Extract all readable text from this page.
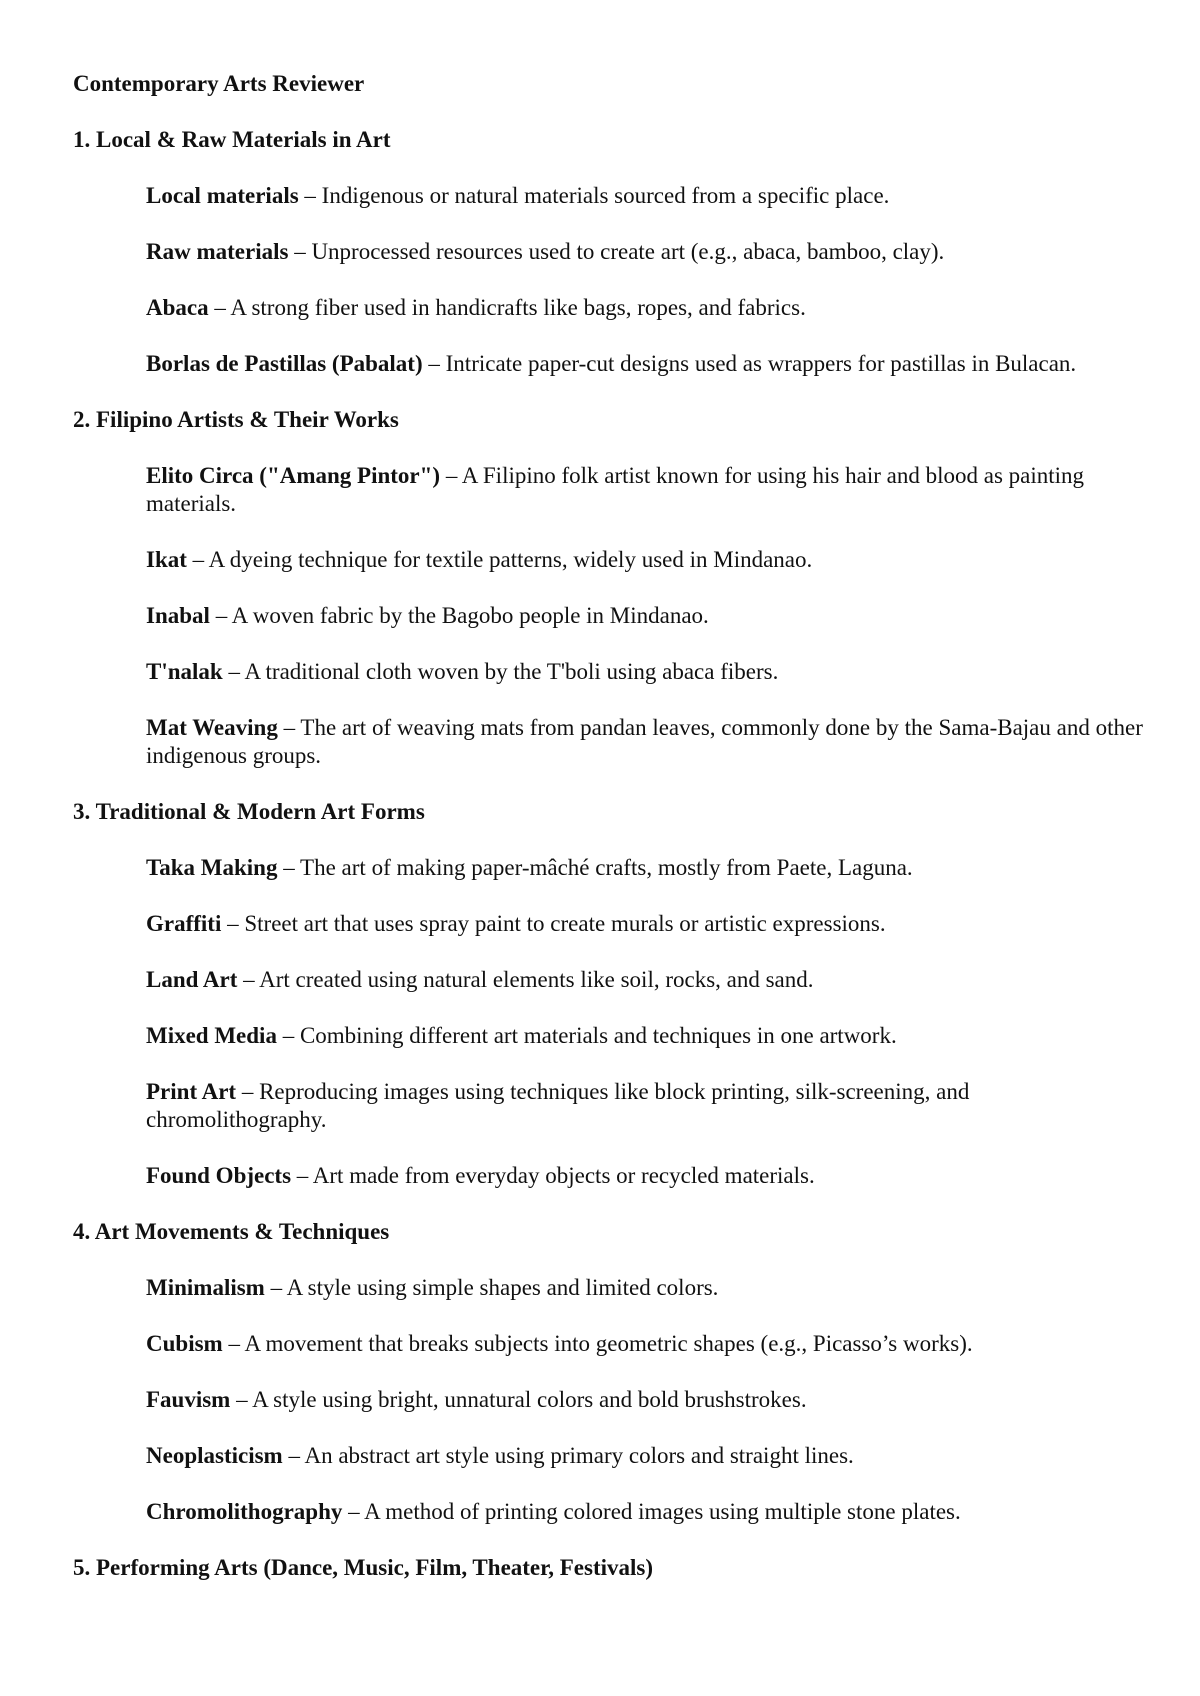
Contemporary Arts Reviewer
1. Local & Raw Materials in Art
Local materials – Indigenous or natural materials sourced from a specific place.
Raw materials – Unprocessed resources used to create art (e.g., abaca, bamboo, clay).
Abaca – A strong fiber used in handicrafts like bags, ropes, and fabrics.
Borlas de Pastillas (Pabalat) – Intricate paper-cut designs used as wrappers for pastillas in Bulacan.
2. Filipino Artists & Their Works
Elito Circa ("Amang Pintor") – A Filipino folk artist known for using his hair and blood as painting materials.
Ikat – A dyeing technique for textile patterns, widely used in Mindanao.
Inabal – A woven fabric by the Bagobo people in Mindanao.
T'nalak – A traditional cloth woven by the T'boli using abaca fibers.
Mat Weaving – The art of weaving mats from pandan leaves, commonly done by the Sama-Bajau and other indigenous groups.
3. Traditional & Modern Art Forms
Taka Making – The art of making paper-mâché crafts, mostly from Paete, Laguna.
Graffiti – Street art that uses spray paint to create murals or artistic expressions.
Land Art – Art created using natural elements like soil, rocks, and sand.
Mixed Media – Combining different art materials and techniques in one artwork.
Print Art – Reproducing images using techniques like block printing, silk-screening, and chromolithography.
Found Objects – Art made from everyday objects or recycled materials.
4. Art Movements & Techniques
Minimalism – A style using simple shapes and limited colors.
Cubism – A movement that breaks subjects into geometric shapes (e.g., Picasso’s works).
Fauvism – A style using bright, unnatural colors and bold brushstrokes.
Neoplasticism – An abstract art style using primary colors and straight lines.
Chromolithography – A method of printing colored images using multiple stone plates.
5. Performing Arts (Dance, Music, Film, Theater, Festivals)
